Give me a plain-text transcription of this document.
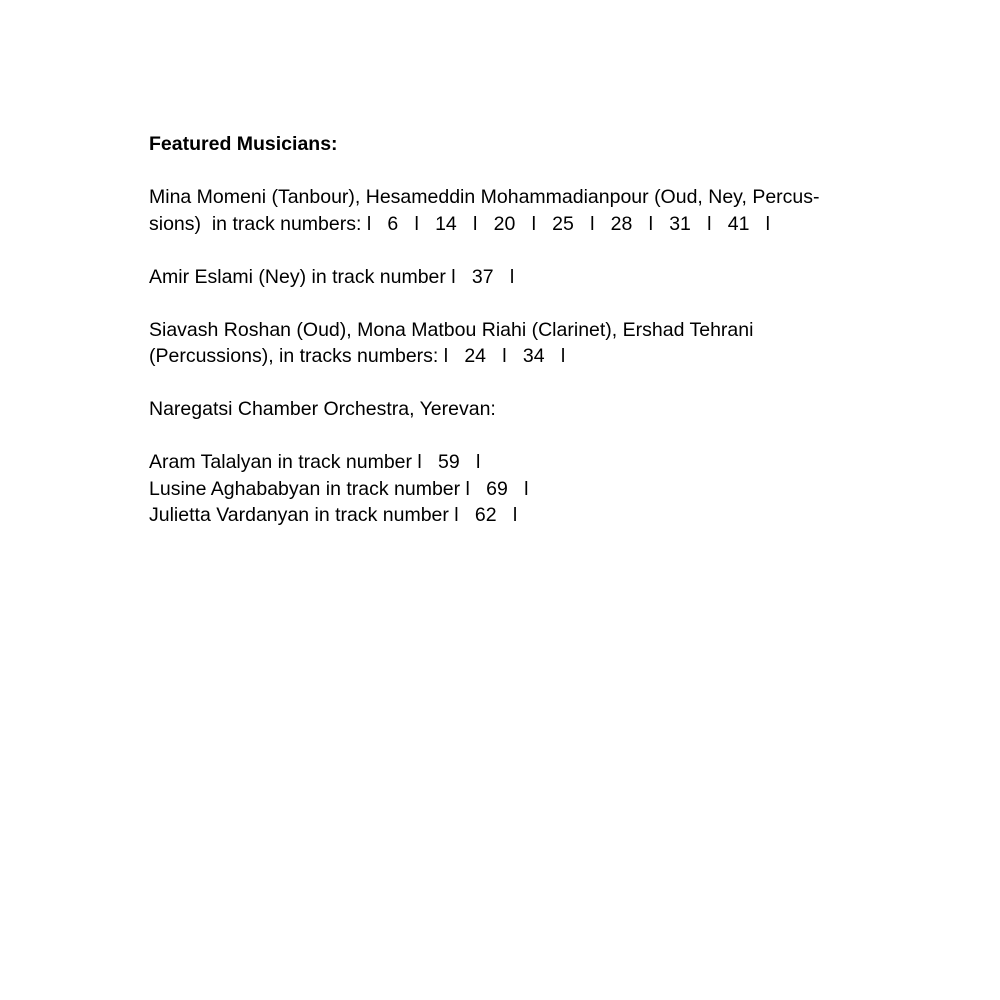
Featured Musicians:

Mina Momeni (Tanbour), Hesameddin Mohammadianpour (Oud, Ney, Percus-
sions)  in track numbers: l   6   l   14   l   20   l   25   l   28   l   31   l   41   l

Amir Eslami (Ney) in track number l   37   l

Siavash Roshan (Oud), Mona Matbou Riahi (Clarinet), Ershad Tehrani
(Percussions), in tracks numbers: l   24   l   34   l

Naregatsi Chamber Orchestra, Yerevan:

Aram Talalyan in track number l   59   l
Lusine Aghababyan in track number l   69   l
Julietta Vardanyan in track number l   62   l
